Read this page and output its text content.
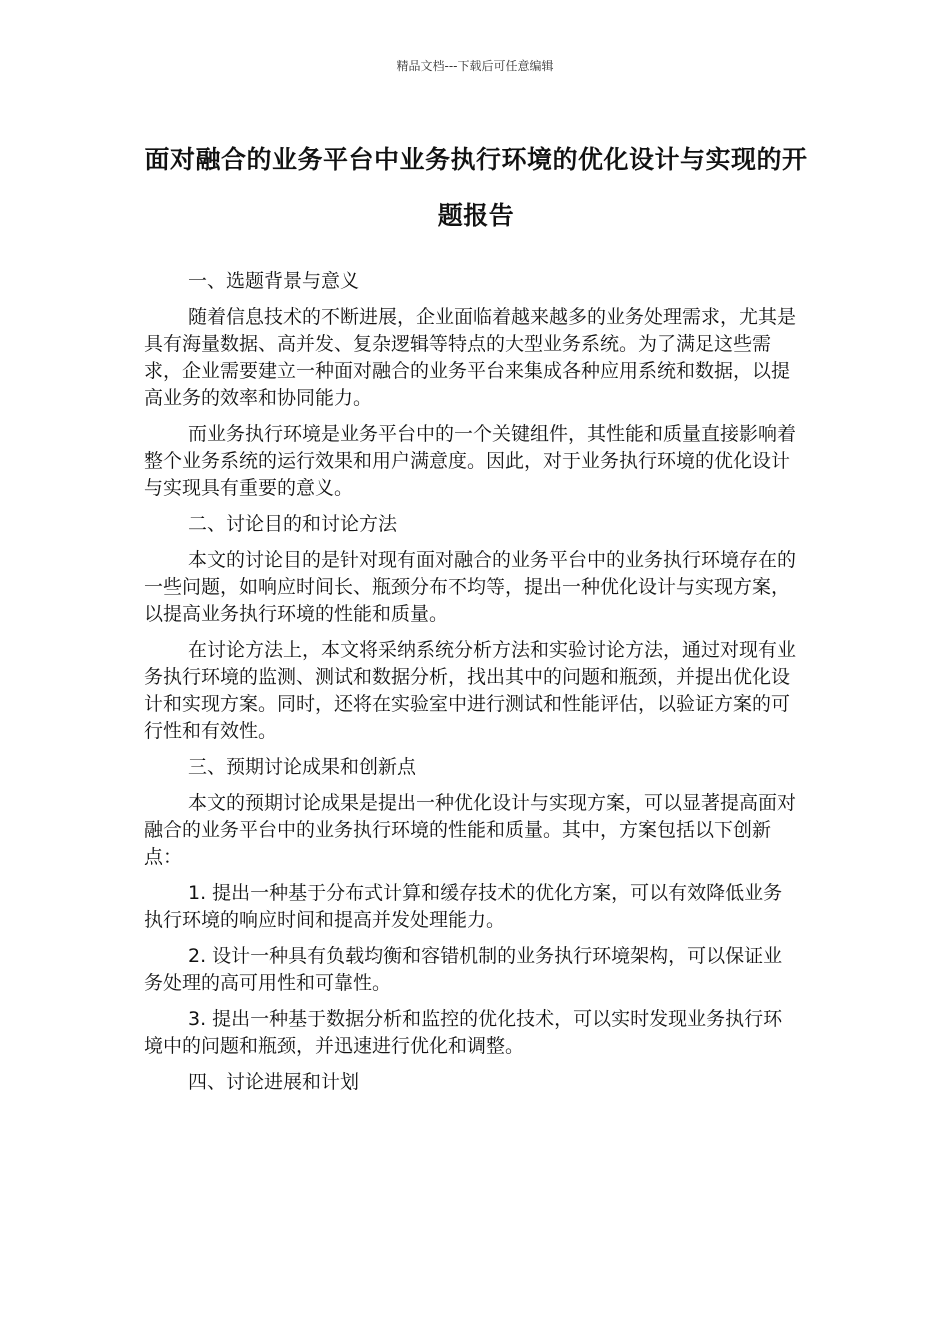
精品文档---下载后可任意编辑
面对融合的业务平台中业务执行环境的优化设计与实现的开题报告

一、选题背景与意义

随着信息技术的不断进展，企业面临着越来越多的业务处理需求，尤其是具有海量数据、高并发、复杂逻辑等特点的大型业务系统。为了满足这些需求，企业需要建立一种面对融合的业务平台来集成各种应用系统和数据，以提高业务的效率和协同能力。

而业务执行环境是业务平台中的一个关键组件，其性能和质量直接影响着整个业务系统的运行效果和用户满意度。因此，对于业务执行环境的优化设计与实现具有重要的意义。

二、讨论目的和讨论方法

本文的讨论目的是针对现有面对融合的业务平台中的业务执行环境存在的一些问题，如响应时间长、瓶颈分布不均等，提出一种优化设计与实现方案，以提高业务执行环境的性能和质量。

在讨论方法上，本文将采纳系统分析方法和实验讨论方法，通过对现有业务执行环境的监测、测试和数据分析，找出其中的问题和瓶颈，并提出优化设计和实现方案。同时，还将在实验室中进行测试和性能评估，以验证方案的可行性和有效性。

三、预期讨论成果和创新点

本文的预期讨论成果是提出一种优化设计与实现方案，可以显著提高面对融合的业务平台中的业务执行环境的性能和质量。其中，方案包括以下创新点：

1. 提出一种基于分布式计算和缓存技术的优化方案，可以有效降低业务执行环境的响应时间和提高并发处理能力。

2. 设计一种具有负载均衡和容错机制的业务执行环境架构，可以保证业务处理的高可用性和可靠性。

3. 提出一种基于数据分析和监控的优化技术，可以实时发现业务执行环境中的问题和瓶颈，并迅速进行优化和调整。

四、讨论进展和计划
